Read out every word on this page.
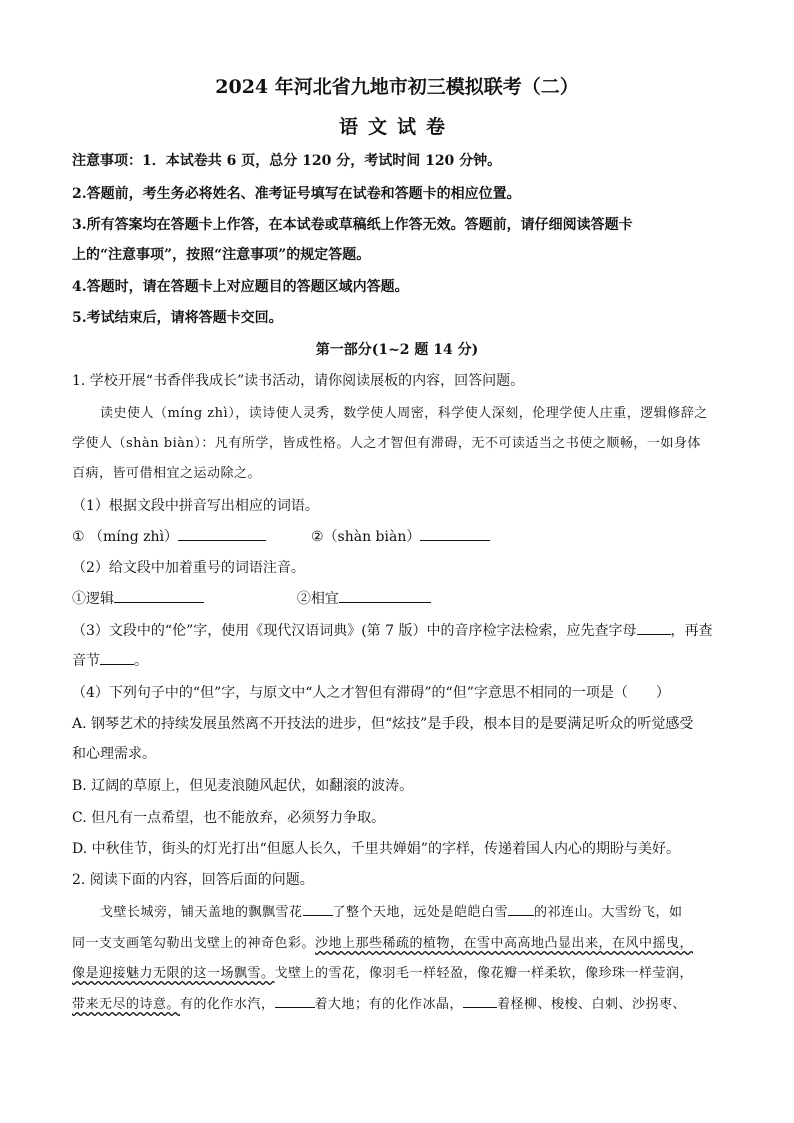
2024 年河北省九地市初三模拟联考（二）
语文试卷
注意事项：1．本试卷共 6 页，总分 120 分，考试时间 120 分钟。
2.答题前，考生务必将姓名、准考证号填写在试卷和答题卡的相应位置。
3.所有答案均在答题卡上作答，在本试卷或草稿纸上作答无效。答题前，请仔细阅读答题卡
上的“注意事项”，按照“注意事项”的规定答题。
4.答题时，请在答题卡上对应题目的答题区域内答题。
5.考试结束后，请将答题卡交回。
第一部分(1~2 题 14 分)
1. 学校开展“书香伴我成长”读书活动，请你阅读展板的内容，回答问题。
读史使人（míng zhì），读诗使人灵秀，数学使人周密，科学使人深刻，伦理学使人庄重，逻辑修辞之
学使人（shàn biàn）：凡有所学，皆成性格。人之才智但有滞碍，无不可读适当之书使之顺畅，一如身体
百病，皆可借相宜之运动除之。
（1）根据文段中拼音写出相应的词语。
① （míng zhì）	②（shàn biàn）
（2）给文段中加着重号的词语注音。
①逻辑	②相宜
（3）文段中的“伦”字，使用《现代汉语词典》(第 7 版）中的音序检字法检索，应先查字母 ，再查
音节 。
（4）下列句子中的“但”字，与原文中“人之才智但有滞碍”的“但”字意思不相同的一项是（　　）
A. 钢琴艺术的持续发展虽然离不开技法的进步，但“炫技”是手段，根本目的是要满足听众的听觉感受
和心理需求。
B. 辽阔的草原上，但见麦浪随风起伏，如翻滚的波涛。
C. 但凡有一点希望，也不能放弃，必须努力争取。
D. 中秋佳节，街头的灯光打出“但愿人长久，千里共婵娟”的字样，传递着国人内心的期盼与美好。
2. 阅读下面的内容，回答后面的问题。
戈壁长城旁，铺天盖地的飘飘雪花 了整个天地，远处是皑皑白雪 的祁连山。大雪纷飞，如
同一支支画笔勾勒出戈壁上的神奇色彩。沙地上那些稀疏的植物，在雪中高高地凸显出来，在风中摇曳，
像是迎接魅力无限的这一场飘雪。戈壁上的雪花，像羽毛一样轻盈，像花瓣一样柔软，像珍珠一样莹润，
带来无尽的诗意。有的化作水汽，	着大地；有的化作冰晶，	着柽柳、梭梭、白刺、沙拐枣、
